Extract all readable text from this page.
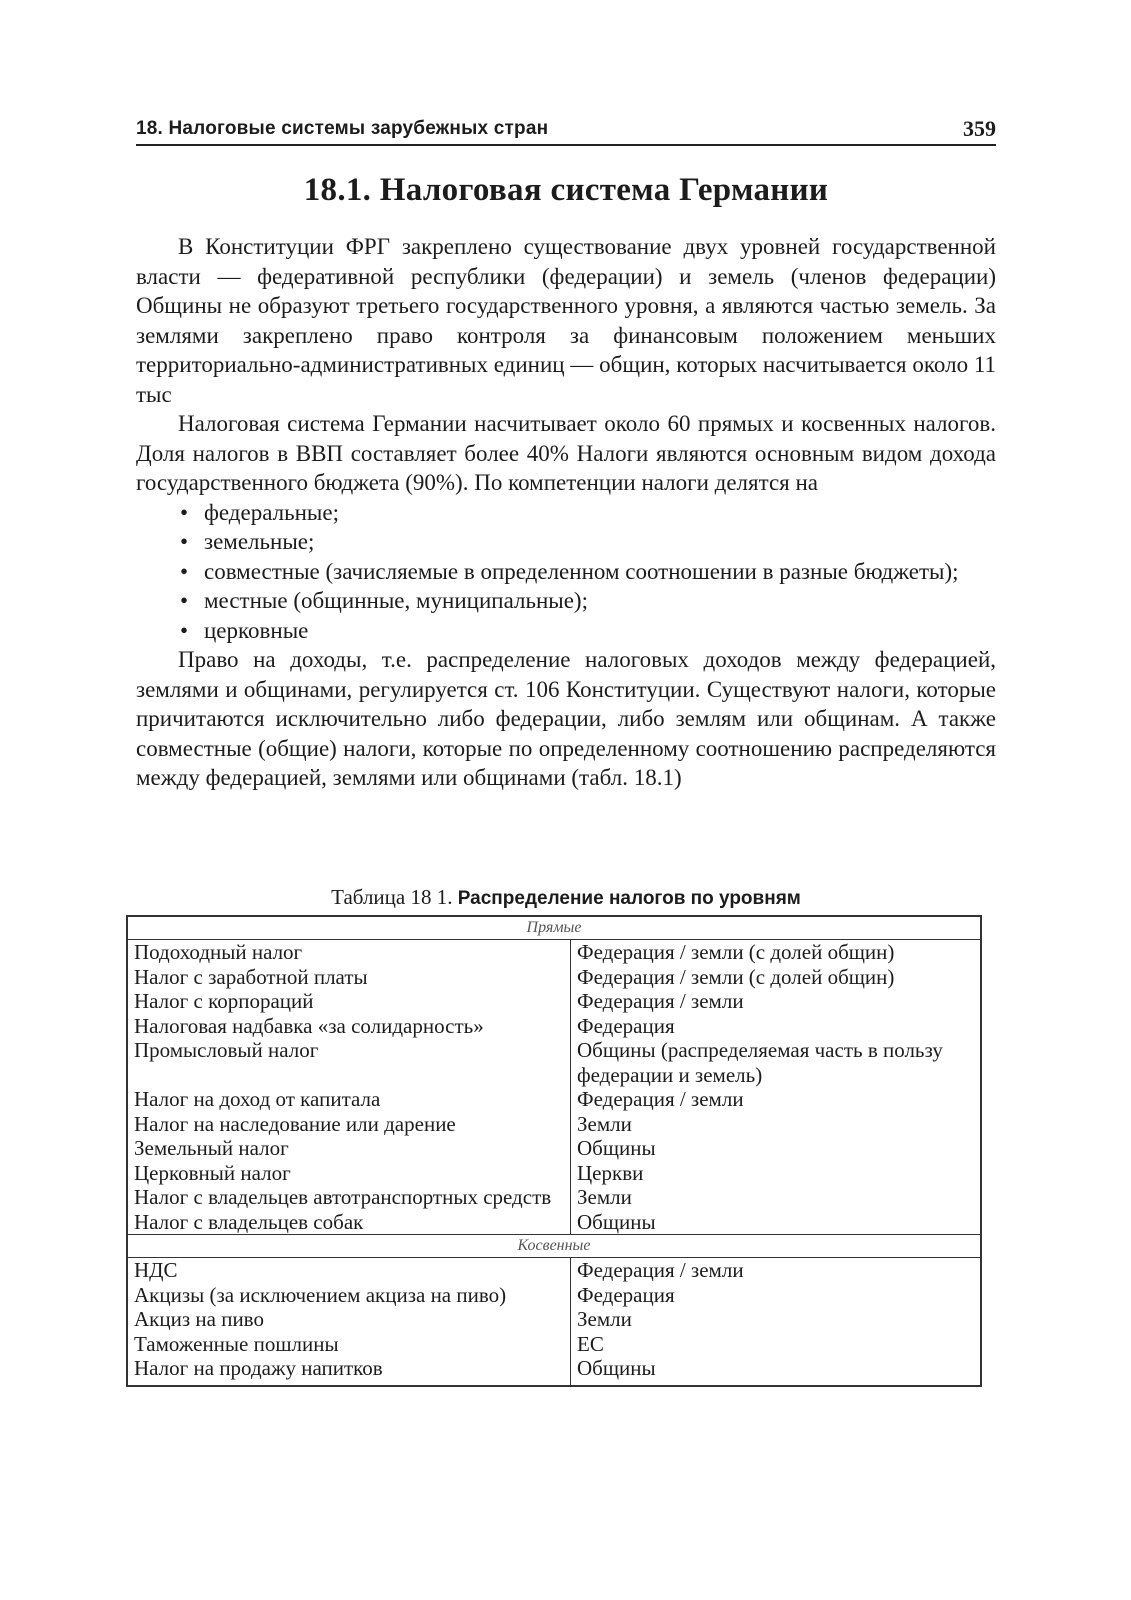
18. Налоговые системы зарубежных стран	359
18.1. Налоговая система Германии

В Конституции ФРГ закреплено существование двух уровней государственной власти — федеративной республики (федерации) и земель (членов федерации) Общины не образуют третьего государственного уровня, а являются частью земель. За землями закреплено право контроля за финансовым положением меньших территориально-административных единиц — общин, которых насчитывается около 11 тыс

Налоговая система Германии насчитывает около 60 прямых и косвенных налогов. Доля налогов в ВВП составляет более 40% Налоги являются основным видом дохода государственного бюджета (90%). По компетенции налоги делятся на

• федеральные;
• земельные;
• совместные (зачисляемые в определенном соотношении в разные бюджеты);
• местные (общинные, муниципальные);
• церковные

Право на доходы, т.е. распределение налоговых доходов между федерацией, землями и общинами, регулируется ст. 106 Конституции. Существуют налоги, которые причитаются исключительно либо федерации, либо землям или общинам. А также совместные (общие) налоги, которые по определенному соотношению распределяются между федерацией, землями или общинами (табл. 18.1)

Таблица 18 1. Распределение налогов по уровням
Прямые	
Подоходный налог	Федерация / земли (с долей общин)
Налог с заработной платы	Федерация / земли (с долей общин)
Налог с корпораций	Федерация / земли
Налоговая надбавка «за солидарность»	Федерация
Промысловый налог	Общины (распределяемая часть в пользу федерации и земель)
Налог на доход от капитала	Федерация / земли
Налог на наследование или дарение	Земли
Земельный налог	Общины
Церковный налог	Церкви
Налог с владельцев автотранспортных средств	Земли
Налог с владельцев собак	Общины
Косвенные	
НДС	Федерация / земли
Акцизы (за исключением акциза на пиво)	Федерация
Акциз на пиво	Земли
Таможенные пошлины	ЕС
Налог на продажу напитков	Общины
